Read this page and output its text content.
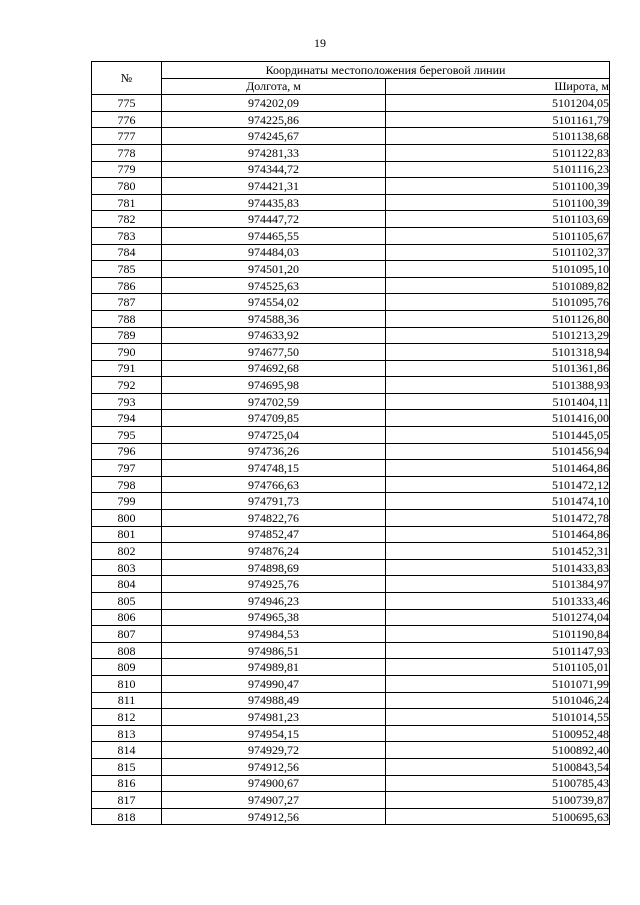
19
№	Координаты местоположения береговой линии	
	Долгота, м	Широта, м
775	974202,09	5101204,05
776	974225,86	5101161,79
777	974245,67	5101138,68
778	974281,33	5101122,83
779	974344,72	5101116,23
780	974421,31	5101100,39
781	974435,83	5101100,39
782	974447,72	5101103,69
783	974465,55	5101105,67
784	974484,03	5101102,37
785	974501,20	5101095,10
786	974525,63	5101089,82
787	974554,02	5101095,76
788	974588,36	5101126,80
789	974633,92	5101213,29
790	974677,50	5101318,94
791	974692,68	5101361,86
792	974695,98	5101388,93
793	974702,59	5101404,11
794	974709,85	5101416,00
795	974725,04	5101445,05
796	974736,26	5101456,94
797	974748,15	5101464,86
798	974766,63	5101472,12
799	974791,73	5101474,10
800	974822,76	5101472,78
801	974852,47	5101464,86
802	974876,24	5101452,31
803	974898,69	5101433,83
804	974925,76	5101384,97
805	974946,23	5101333,46
806	974965,38	5101274,04
807	974984,53	5101190,84
808	974986,51	5101147,93
809	974989,81	5101105,01
810	974990,47	5101071,99
811	974988,49	5101046,24
812	974981,23	5101014,55
813	974954,15	5100952,48
814	974929,72	5100892,40
815	974912,56	5100843,54
816	974900,67	5100785,43
817	974907,27	5100739,87
818	974912,56	5100695,63
